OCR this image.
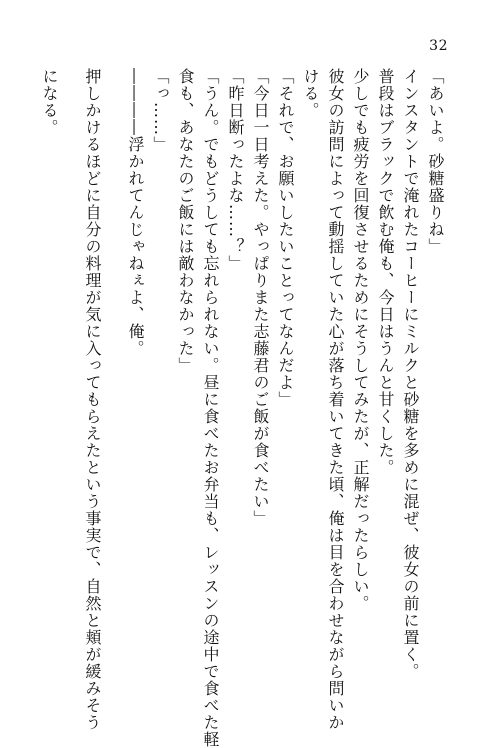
32
「あいよ。砂糖盛りね」
インスタントで淹れたコーヒーにミルクと砂糖を多めに混ぜ、彼女の前に置く。
普段はブラックで飲む俺も、今日はうんと甘くした。
少しでも疲労を回復させるためにそうしてみたが、正解だったらしい。
彼女の訪問によって動揺していた心が落ち着いてきた頃、俺は目を合わせながら問いか
ける。
「それで、お願いしたいことってなんだよ」
「今日一日考えた。やっぱりまた志藤君のご飯が食べたい」
「昨日断ったよな……？」
「うん。でもどうしても忘れられない。昼に食べたお弁当も、レッスンの途中で食べた軽
食も、あなたのご飯には敵わなかった」
「っ……」
――――浮かれてんじゃねぇよ、俺。
押しかけるほどに自分の料理が気に入ってもらえたという事実で、自然と頬が緩みそう
になる。
